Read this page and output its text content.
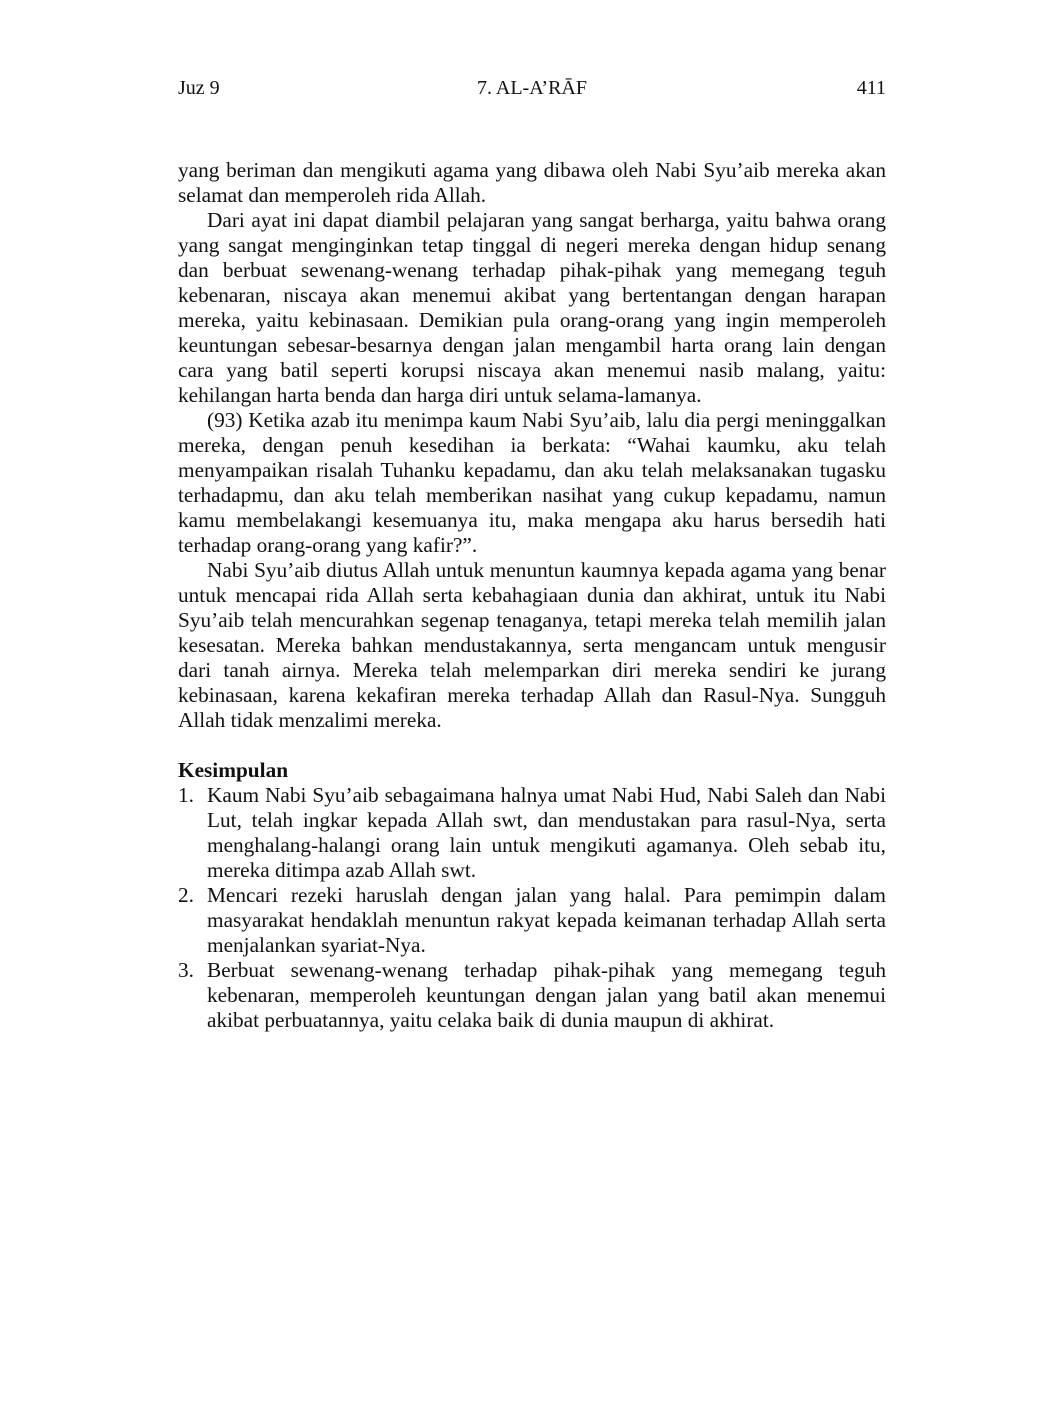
Juz 9	7. AL-A’RĀF	411

yang beriman dan mengikuti agama yang dibawa oleh Nabi Syu’aib mereka akan selamat dan memperoleh rida Allah.

Dari ayat ini dapat diambil pelajaran yang sangat berharga, yaitu bahwa orang yang sangat menginginkan tetap tinggal di negeri mereka dengan hidup senang dan berbuat sewenang-wenang terhadap pihak-pihak yang memegang teguh kebenaran, niscaya akan menemui akibat yang bertentangan dengan harapan mereka, yaitu kebinasaan. Demikian pula orang-orang yang ingin memperoleh keuntungan sebesar-besarnya dengan jalan mengambil harta orang lain dengan cara yang batil seperti korupsi niscaya akan menemui nasib malang, yaitu: kehilangan harta benda dan harga diri untuk selama-lamanya.

(93) Ketika azab itu menimpa kaum Nabi Syu’aib, lalu dia pergi meninggalkan mereka, dengan penuh kesedihan ia berkata: “Wahai kaumku, aku telah menyampaikan risalah Tuhanku kepadamu, dan aku telah melaksanakan tugasku terhadapmu, dan aku telah memberikan nasihat yang cukup kepadamu, namun kamu membelakangi kesemuanya itu, maka mengapa aku harus bersedih hati terhadap orang-orang yang kafir?”.

Nabi Syu’aib diutus Allah untuk menuntun kaumnya kepada agama yang benar untuk mencapai rida Allah serta kebahagiaan dunia dan akhirat, untuk itu Nabi Syu’aib telah mencurahkan segenap tenaganya, tetapi mereka telah memilih jalan kesesatan. Mereka bahkan mendustakannya, serta mengancam untuk mengusir dari tanah airnya. Mereka telah melemparkan diri mereka sendiri ke jurang kebinasaan, karena kekafiran mereka terhadap Allah dan Rasul-Nya. Sungguh Allah tidak menzalimi mereka.

Kesimpulan
1. Kaum Nabi Syu’aib sebagaimana halnya umat Nabi Hud, Nabi Saleh dan Nabi Lut, telah ingkar kepada Allah swt, dan mendustakan para rasul-Nya, serta menghalang-halangi orang lain untuk mengikuti agamanya. Oleh sebab itu, mereka ditimpa azab Allah swt.
2. Mencari rezeki haruslah dengan jalan yang halal. Para pemimpin dalam masyarakat hendaklah menuntun rakyat kepada keimanan terhadap Allah serta menjalankan syariat-Nya.
3. Berbuat sewenang-wenang terhadap pihak-pihak yang memegang teguh kebenaran, memperoleh keuntungan dengan jalan yang batil akan menemui akibat perbuatannya, yaitu celaka baik di dunia maupun di akhirat.
